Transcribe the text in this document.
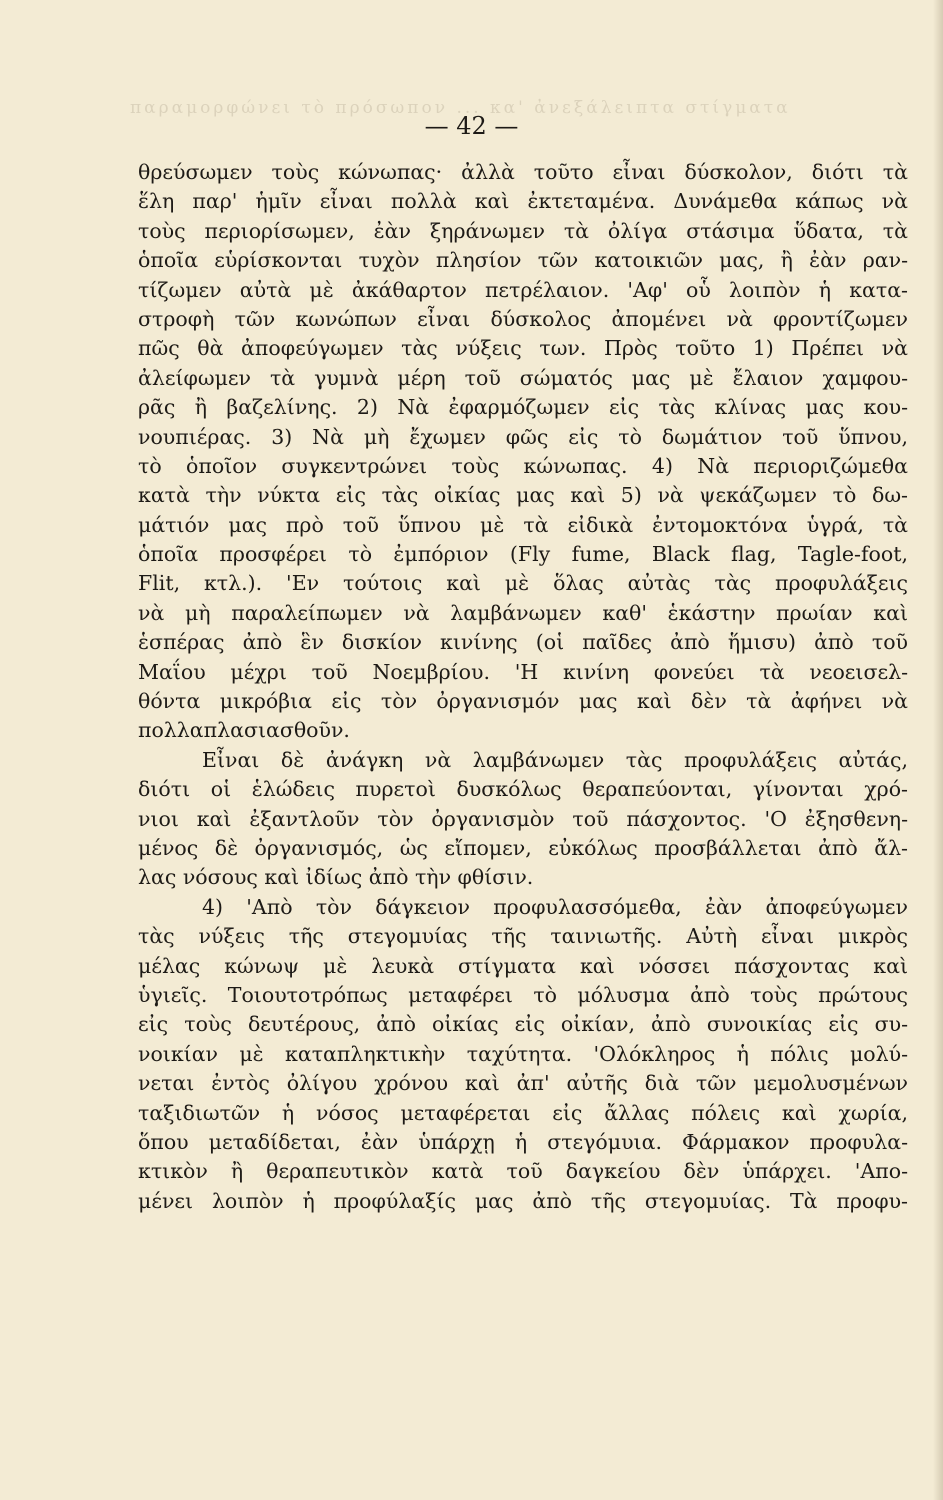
παραμορφώνει τὸ πρόσωπον ... κα' ἀνεξάλειπτα στίγματα
— 42 —
θρεύσωμεν τοὺς κώνωπας· ἀλλὰ τοῦτο εἶναι δύσκολον, διότι τὰ
ἕλη παρ' ἡμῖν εἶναι πολλὰ καὶ ἐκτεταμένα. Δυνάμεθα κάπως νὰ
τοὺς περιορίσωμεν, ἐὰν ξηράνωμεν τὰ ὀλίγα στάσιμα ὕδατα, τὰ
ὁποῖα εὑρίσκονται τυχὸν πλησίον τῶν κατοικιῶν μας, ἢ ἐὰν ραν-
τίζωμεν αὐτὰ μὲ ἀκάθαρτον πετρέλαιον. 'Αφ' οὗ λοιπὸν ἡ κατα-
στροφὴ τῶν κωνώπων εἶναι δύσκολος ἀπομένει νὰ φροντίζωμεν
πῶς θὰ ἀποφεύγωμεν τὰς νύξεις των. Πρὸς τοῦτο 1) Πρέπει νὰ
ἀλείφωμεν τὰ γυμνὰ μέρη τοῦ σώματός μας μὲ ἔλαιον χαμφου-
ρᾶς ἢ βαζελίνης. 2) Νὰ ἐφαρμόζωμεν εἰς τὰς κλίνας μας κου-
νουπιέρας. 3) Νὰ μὴ ἔχωμεν φῶς εἰς τὸ δωμάτιον τοῦ ὕπνου,
τὸ ὁποῖον συγκεντρώνει τοὺς κώνωπας. 4) Νὰ περιοριζώμεθα
κατὰ τὴν νύκτα εἰς τὰς οἰκίας μας καὶ 5) νὰ ψεκάζωμεν τὸ δω-
μάτιόν μας πρὸ τοῦ ὕπνου μὲ τὰ εἰδικὰ ἐντομοκτόνα ὑγρά, τὰ
ὁποῖα προσφέρει τὸ ἐμπόριον (Fly fume, Black flag, Tagle-foot,
Flit, κτλ.). 'Εν τούτοις καὶ μὲ ὅλας αὐτὰς τὰς προφυλάξεις
νὰ μὴ παραλείπωμεν νὰ λαμβάνωμεν καθ' ἑκάστην πρωίαν καὶ
ἑσπέρας ἀπὸ ἓν δισκίον κινίνης (οἱ παῖδες ἀπὸ ἥμισυ) ἀπὸ τοῦ
Μαΐου μέχρι τοῦ Νοεμβρίου. 'Η κινίνη φονεύει τὰ νεοεισελ-
θόντα μικρόβια εἰς τὸν ὀργανισμόν μας καὶ δὲν τὰ ἀφήνει νὰ
πολλαπλασιασθοῦν.
Εἶναι δὲ ἀνάγκη νὰ λαμβάνωμεν τὰς προφυλάξεις αὐτάς,
διότι οἱ ἑλώδεις πυρετοὶ δυσκόλως θεραπεύονται, γίνονται χρό-
νιοι καὶ ἐξαντλοῦν τὸν ὀργανισμὸν τοῦ πάσχοντος. 'Ο ἐξησθενη-
μένος δὲ ὀργανισμός, ὡς εἴπομεν, εὐκόλως προσβάλλεται ἀπὸ ἄλ-
λας νόσους καὶ ἰδίως ἀπὸ τὴν φθίσιν.
4) 'Απὸ τὸν δάγκειον προφυλασσόμεθα, ἐὰν ἀποφεύγωμεν
τὰς νύξεις τῆς στεγομυίας τῆς ταινιωτῆς. Αὐτὴ εἶναι μικρὸς
μέλας κώνωψ μὲ λευκὰ στίγματα καὶ νόσσει πάσχοντας καὶ
ὑγιεῖς. Τοιουτοτρόπως μεταφέρει τὸ μόλυσμα ἀπὸ τοὺς πρώτους
εἰς τοὺς δευτέρους, ἀπὸ οἰκίας εἰς οἰκίαν, ἀπὸ συνοικίας εἰς συ-
νοικίαν μὲ καταπληκτικὴν ταχύτητα. 'Ολόκληρος ἡ πόλις μολύ-
νεται ἐντὸς ὀλίγου χρόνου καὶ ἀπ' αὐτῆς διὰ τῶν μεμολυσμένων
ταξιδιωτῶν ἡ νόσος μεταφέρεται εἰς ἄλλας πόλεις καὶ χωρία,
ὅπου μεταδίδεται, ἐὰν ὑπάρχῃ ἡ στεγόμυια. Φάρμακον προφυλα-
κτικὸν ἢ θεραπευτικὸν κατὰ τοῦ δαγκείου δὲν ὑπάρχει. 'Απο-
μένει λοιπὸν ἡ προφύλαξίς μας ἀπὸ τῆς στεγομυίας. Τὰ προφυ-
